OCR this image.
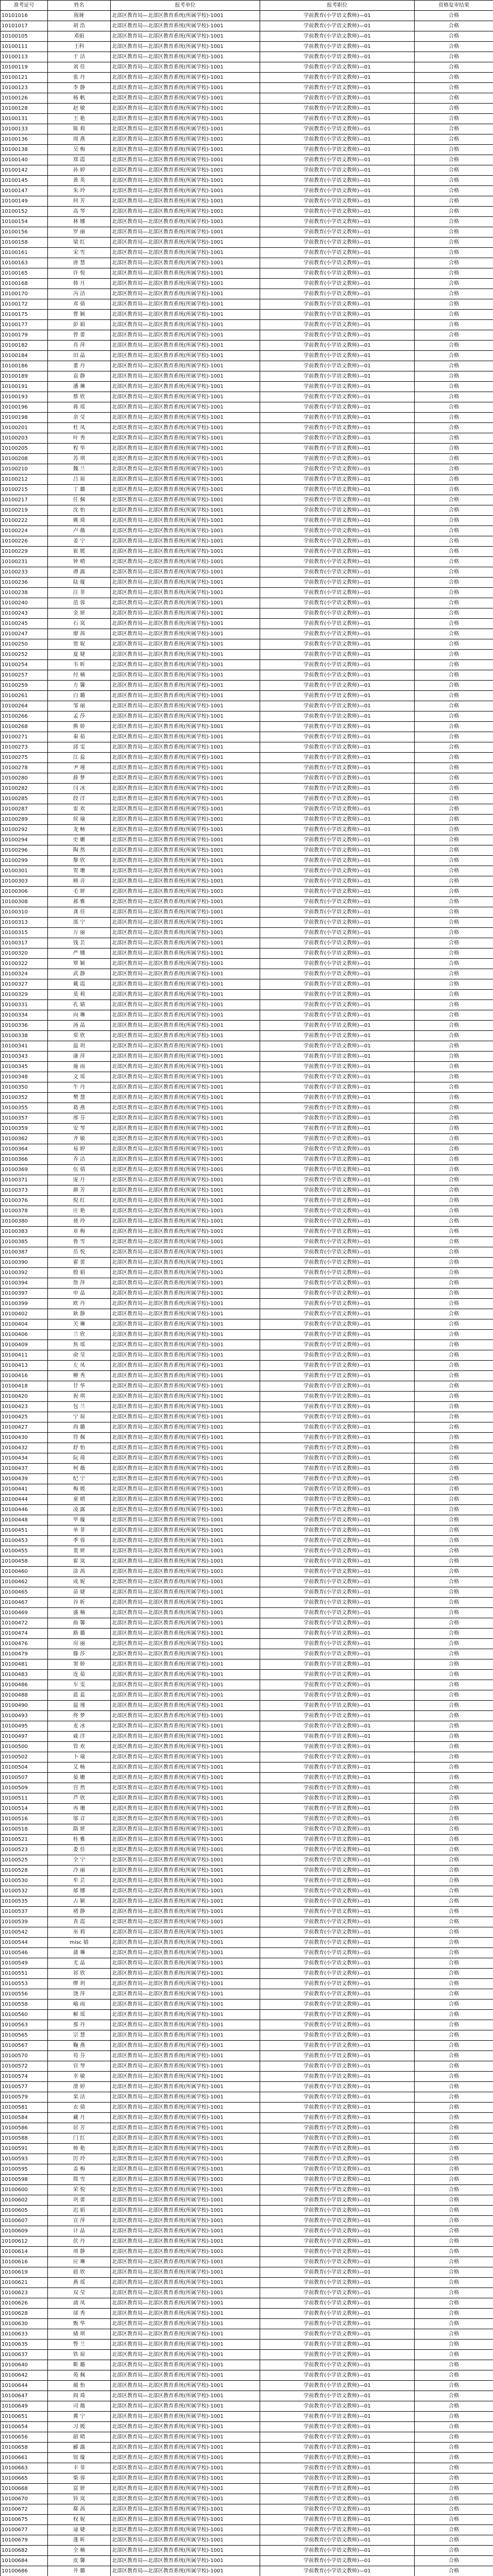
准考证号	姓名	报考单位	报考职位	资格复审结果
10101016	陈娅	北部区教育局—北部区教育系统(所属学校)-1001	学前教育(小学语文教师)—01	合格
10101017	胡 浩	北部区教育局—北部区教育系统(所属学校)-1001	学前教育(小学语文教师)—01	合格
10100105	邓娟	北部区教育局—北部区教育系统(所属学校)-1001	学前教育(小学语文教师)—01	合格
10100111	王科	北部区教育局—北部区教育系统(所属学校)-1001	学前教育(小学语文教师)—01	合格
10100113	于 洁	北部区教育局—北部区教育系统(所属学校)-1001	学前教育(小学语文教师)—01	合格
10100119	刘 佳	北部区教育局—北部区教育系统(所属学校)-1001	学前教育(小学语文教师)—01	合格
10100121	张 丹	北部区教育局—北部区教育系统(所属学校)-1001	学前教育(小学语文教师)—01	合格
10100123	李 静	北部区教育局—北部区教育系统(所属学校)-1001	学前教育(小学语文教师)—01	合格
10100126	杨 帆	北部区教育局—北部区教育系统(所属学校)-1001	学前教育(小学语文教师)—01	合格
10100128	赵 敏	北部区教育局—北部区教育系统(所属学校)-1001	学前教育(小学语文教师)—01	合格
10100131	王 艳	北部区教育局—北部区教育系统(所属学校)-1001	学前教育(小学语文教师)—01	合格
10100133	陈 莉	北部区教育局—北部区教育系统(所属学校)-1001	学前教育(小学语文教师)—01	合格
10100136	周 燕	北部区教育局—北部区教育系统(所属学校)-1001	学前教育(小学语文教师)—01	合格
10100138	吴 梅	北部区教育局—北部区教育系统(所属学校)-1001	学前教育(小学语文教师)—01	合格
10100140	郑 霞	北部区教育局—北部区教育系统(所属学校)-1001	学前教育(小学语文教师)—01	合格
10100142	孙 婷	北部区教育局—北部区教育系统(所属学校)-1001	学前教育(小学语文教师)—01	合格
10100145	黄 英	北部区教育局—北部区教育系统(所属学校)-1001	学前教育(小学语文教师)—01	合格
10100147	朱 玲	北部区教育局—北部区教育系统(所属学校)-1001	学前教育(小学语文教师)—01	合格
10100149	何 芳	北部区教育局—北部区教育系统(所属学校)-1001	学前教育(小学语文教师)—01	合格
10100152	高 琴	北部区教育局—北部区教育系统(所属学校)-1001	学前教育(小学语文教师)—01	合格
10100154	林 娜	北部区教育局—北部区教育系统(所属学校)-1001	学前教育(小学语文教师)—01	合格
10100156	罗 丽	北部区教育局—北部区教育系统(所属学校)-1001	学前教育(小学语文教师)—01	合格
10100158	梁 红	北部区教育局—北部区教育系统(所属学校)-1001	学前教育(小学语文教师)—01	合格
10100161	宋 雪	北部区教育局—北部区教育系统(所属学校)-1001	学前教育(小学语文教师)—01	合格
10100163	唐 慧	北部区教育局—北部区教育系统(所属学校)-1001	学前教育(小学语文教师)—01	合格
10100165	许 悦	北部区教育局—北部区教育系统(所属学校)-1001	学前教育(小学语文教师)—01	合格
10100168	韩 月	北部区教育局—北部区教育系统(所属学校)-1001	学前教育(小学语文教师)—01	合格
10100170	冯 洁	北部区教育局—北部区教育系统(所属学校)-1001	学前教育(小学语文教师)—01	合格
10100172	邓 倩	北部区教育局—北部区教育系统(所属学校)-1001	学前教育(小学语文教师)—01	合格
10100175	曹 颖	北部区教育局—北部区教育系统(所属学校)-1001	学前教育(小学语文教师)—01	合格
10100177	彭 娟	北部区教育局—北部区教育系统(所属学校)-1001	学前教育(小学语文教师)—01	合格
10100179	曾 蕾	北部区教育局—北部区教育系统(所属学校)-1001	学前教育(小学语文教师)—01	合格
10100182	肖 萍	北部区教育局—北部区教育系统(所属学校)-1001	学前教育(小学语文教师)—01	合格
10100184	田 晶	北部区教育局—北部区教育系统(所属学校)-1001	学前教育(小学语文教师)—01	合格
10100186	董 丹	北部区教育局—北部区教育系统(所属学校)-1001	学前教育(小学语文教师)—01	合格
10100189	袁 静	北部区教育局—北部区教育系统(所属学校)-1001	学前教育(小学语文教师)—01	合格
10100191	潘 琳	北部区教育局—北部区教育系统(所属学校)-1001	学前教育(小学语文教师)—01	合格
10100193	蔡 欣	北部区教育局—北部区教育系统(所属学校)-1001	学前教育(小学语文教师)—01	合格
10100196	蒋 瑶	北部区教育局—北部区教育系统(所属学校)-1001	学前教育(小学语文教师)—01	合格
10100198	余 莹	北部区教育局—北部区教育系统(所属学校)-1001	学前教育(小学语文教师)—01	合格
10100201	杜 凤	北部区教育局—北部区教育系统(所属学校)-1001	学前教育(小学语文教师)—01	合格
10100203	叶 秀	北部区教育局—北部区教育系统(所属学校)-1001	学前教育(小学语文教师)—01	合格
10100205	程 华	北部区教育局—北部区教育系统(所属学校)-1001	学前教育(小学语文教师)—01	合格
10100208	苏 琪	北部区教育局—北部区教育系统(所属学校)-1001	学前教育(小学语文教师)—01	合格
10100210	魏 兰	北部区教育局—北部区教育系统(所属学校)-1001	学前教育(小学语文教师)—01	合格
10100212	吕 琼	北部区教育局—北部区教育系统(所属学校)-1001	学前教育(小学语文教师)—01	合格
10100215	丁 璐	北部区教育局—北部区教育系统(所属学校)-1001	学前教育(小学语文教师)—01	合格
10100217	任 佩	北部区教育局—北部区教育系统(所属学校)-1001	学前教育(小学语文教师)—01	合格
10100219	沈 怡	北部区教育局—北部区教育系统(所属学校)-1001	学前教育(小学语文教师)—01	合格
10100222	姚 琦	北部区教育局—北部区教育系统(所属学校)-1001	学前教育(小学语文教师)—01	合格
10100224	卢 薇	北部区教育局—北部区教育系统(所属学校)-1001	学前教育(小学语文教师)—01	合格
10100226	姜 宁	北部区教育局—北部区教育系统(所属学校)-1001	学前教育(小学语文教师)—01	合格
10100229	崔 媛	北部区教育局—北部区教育系统(所属学校)-1001	学前教育(小学语文教师)—01	合格
10100231	钟 晴	北部区教育局—北部区教育系统(所属学校)-1001	学前教育(小学语文教师)—01	合格
10100233	谭 露	北部区教育局—北部区教育系统(所属学校)-1001	学前教育(小学语文教师)—01	合格
10100236	陆 璇	北部区教育局—北部区教育系统(所属学校)-1001	学前教育(小学语文教师)—01	合格
10100238	汪 菲	北部区教育局—北部区教育系统(所属学校)-1001	学前教育(小学语文教师)—01	合格
10100240	范 蓉	北部区教育局—北部区教育系统(所属学校)-1001	学前教育(小学语文教师)—01	合格
10100243	金 妍	北部区教育局—北部区教育系统(所属学校)-1001	学前教育(小学语文教师)—01	合格
10100245	石 岚	北部区教育局—北部区教育系统(所属学校)-1001	学前教育(小学语文教师)—01	合格
10100247	廖 茜	北部区教育局—北部区教育系统(所属学校)-1001	学前教育(小学语文教师)—01	合格
10100250	贾 妮	北部区教育局—北部区教育系统(所属学校)-1001	学前教育(小学语文教师)—01	合格
10100252	夏 婕	北部区教育局—北部区教育系统(所属学校)-1001	学前教育(小学语文教师)—01	合格
10100254	韦 昕	北部区教育局—北部区教育系统(所属学校)-1001	学前教育(小学语文教师)—01	合格
10100257	付 楠	北部区教育局—北部区教育系统(所属学校)-1001	学前教育(小学语文教师)—01	合格
10100259	方 馨	北部区教育局—北部区教育系统(所属学校)-1001	学前教育(小学语文教师)—01	合格
10100261	白 璐	北部区教育局—北部区教育系统(所属学校)-1001	学前教育(小学语文教师)—01	合格
10100264	邹 丽	北部区教育局—北部区教育系统(所属学校)-1001	学前教育(小学语文教师)—01	合格
10100266	孟 莎	北部区教育局—北部区教育系统(所属学校)-1001	学前教育(小学语文教师)—01	合格
10100268	熊 娇	北部区教育局—北部区教育系统(所属学校)-1001	学前教育(小学语文教师)—01	合格
10100271	秦 茹	北部区教育局—北部区教育系统(所属学校)-1001	学前教育(小学语文教师)—01	合格
10100273	邱 雯	北部区教育局—北部区教育系统(所属学校)-1001	学前教育(小学语文教师)—01	合格
10100275	江 蕊	北部区教育局—北部区教育系统(所属学校)-1001	学前教育(小学语文教师)—01	合格
10100278	尹 瑾	北部区教育局—北部区教育系统(所属学校)-1001	学前教育(小学语文教师)—01	合格
10100280	薛 梦	北部区教育局—北部区教育系统(所属学校)-1001	学前教育(小学语文教师)—01	合格
10100282	闫 冰	北部区教育局—北部区教育系统(所属学校)-1001	学前教育(小学语文教师)—01	合格
10100285	段 洋	北部区教育局—北部区教育系统(所属学校)-1001	学前教育(小学语文教师)—01	合格
10100287	雷 欢	北部区教育局—北部区教育系统(所属学校)-1001	学前教育(小学语文教师)—01	合格
10100289	侯 瑜	北部区教育局—北部区教育系统(所属学校)-1001	学前教育(小学语文教师)—01	合格
10100292	龙 畅	北部区教育局—北部区教育系统(所属学校)-1001	学前教育(小学语文教师)—01	合格
10100294	史 姗	北部区教育局—北部区教育系统(所属学校)-1001	学前教育(小学语文教师)—01	合格
10100296	陶 然	北部区教育局—北部区教育系统(所属学校)-1001	学前教育(小学语文教师)—01	合格
10100299	黎 欣	北部区教育局—北部区教育系统(所属学校)-1001	学前教育(小学语文教师)—01	合格
10100301	贺 珊	北部区教育局—北部区教育系统(所属学校)-1001	学前教育(小学语文教师)—01	合格
10100303	顾 音	北部区教育局—北部区教育系统(所属学校)-1001	学前教育(小学语文教师)—01	合格
10100306	毛 妍	北部区教育局—北部区教育系统(所属学校)-1001	学前教育(小学语文教师)—01	合格
10100308	郝 雅	北部区教育局—北部区教育系统(所属学校)-1001	学前教育(小学语文教师)—01	合格
10100310	龚 佳	北部区教育局—北部区教育系统(所属学校)-1001	学前教育(小学语文教师)—01	合格
10100313	邵 宁	北部区教育局—北部区教育系统(所属学校)-1001	学前教育(小学语文教师)—01	合格
10100315	万 丽	北部区教育局—北部区教育系统(所属学校)-1001	学前教育(小学语文教师)—01	合格
10100317	钱 芸	北部区教育局—北部区教育系统(所属学校)-1001	学前教育(小学语文教师)—01	合格
10100320	严 娜	北部区教育局—北部区教育系统(所属学校)-1001	学前教育(小学语文教师)—01	合格
10100322	覃 颖	北部区教育局—北部区教育系统(所属学校)-1001	学前教育(小学语文教师)—01	合格
10100324	武 静	北部区教育局—北部区教育系统(所属学校)-1001	学前教育(小学语文教师)—01	合格
10100327	戴 霞	北部区教育局—北部区教育系统(所属学校)-1001	学前教育(小学语文教师)—01	合格
10100329	莫 莉	北部区教育局—北部区教育系统(所属学校)-1001	学前教育(小学语文教师)—01	合格
10100331	孔 婧	北部区教育局—北部区教育系统(所属学校)-1001	学前教育(小学语文教师)—01	合格
10100334	向 琳	北部区教育局—北部区教育系统(所属学校)-1001	学前教育(小学语文教师)—01	合格
10100336	汤 晶	北部区教育局—北部区教育系统(所属学校)-1001	学前教育(小学语文教师)—01	合格
10100338	常 欣	北部区教育局—北部区教育系统(所属学校)-1001	学前教育(小学语文教师)—01	合格
10100341	温 玥	北部区教育局—北部区教育系统(所属学校)-1001	学前教育(小学语文教师)—01	合格
10100343	康 萍	北部区教育局—北部区教育系统(所属学校)-1001	学前教育(小学语文教师)—01	合格
10100345	施 雨	北部区教育局—北部区教育系统(所属学校)-1001	学前教育(小学语文教师)—01	合格
10100348	文 瑶	北部区教育局—北部区教育系统(所属学校)-1001	学前教育(小学语文教师)—01	合格
10100350	牛 丹	北部区教育局—北部区教育系统(所属学校)-1001	学前教育(小学语文教师)—01	合格
10100352	樊 慧	北部区教育局—北部区教育系统(所属学校)-1001	学前教育(小学语文教师)—01	合格
10100355	葛 燕	北部区教育局—北部区教育系统(所属学校)-1001	学前教育(小学语文教师)—01	合格
10100357	邢 芬	北部区教育局—北部区教育系统(所属学校)-1001	学前教育(小学语文教师)—01	合格
10100359	安 琴	北部区教育局—北部区教育系统(所属学校)-1001	学前教育(小学语文教师)—01	合格
10100362	齐 敏	北部区教育局—北部区教育系统(所属学校)-1001	学前教育(小学语文教师)—01	合格
10100364	易 婷	北部区教育局—北部区教育系统(所属学校)-1001	学前教育(小学语文教师)—01	合格
10100366	乔 洁	北部区教育局—北部区教育系统(所属学校)-1001	学前教育(小学语文教师)—01	合格
10100369	伍 倩	北部区教育局—北部区教育系统(所属学校)-1001	学前教育(小学语文教师)—01	合格
10100371	庞 月	北部区教育局—北部区教育系统(所属学校)-1001	学前教育(小学语文教师)—01	合格
10100373	颜 芳	北部区教育局—北部区教育系统(所属学校)-1001	学前教育(小学语文教师)—01	合格
10100376	倪 红	北部区教育局—北部区教育系统(所属学校)-1001	学前教育(小学语文教师)—01	合格
10100378	庄 艳	北部区教育局—北部区教育系统(所属学校)-1001	学前教育(小学语文教师)—01	合格
10100380	聂 玲	北部区教育局—北部区教育系统(所属学校)-1001	学前教育(小学语文教师)—01	合格
10100383	章 梅	北部区教育局—北部区教育系统(所属学校)-1001	学前教育(小学语文教师)—01	合格
10100385	鲁 雪	北部区教育局—北部区教育系统(所属学校)-1001	学前教育(小学语文教师)—01	合格
10100387	岳 悦	北部区教育局—北部区教育系统(所属学校)-1001	学前教育(小学语文教师)—01	合格
10100390	翟 蕾	北部区教育局—北部区教育系统(所属学校)-1001	学前教育(小学语文教师)—01	合格
10100392	殷 娟	北部区教育局—北部区教育系统(所属学校)-1001	学前教育(小学语文教师)—01	合格
10100394	詹 萍	北部区教育局—北部区教育系统(所属学校)-1001	学前教育(小学语文教师)—01	合格
10100397	申 晶	北部区教育局—北部区教育系统(所属学校)-1001	学前教育(小学语文教师)—01	合格
10100399	欧 丹	北部区教育局—北部区教育系统(所属学校)-1001	学前教育(小学语文教师)—01	合格
10100402	耿 静	北部区教育局—北部区教育系统(所属学校)-1001	学前教育(小学语文教师)—01	合格
10100404	关 琳	北部区教育局—北部区教育系统(所属学校)-1001	学前教育(小学语文教师)—01	合格
10100406	兰 欣	北部区教育局—北部区教育系统(所属学校)-1001	学前教育(小学语文教师)—01	合格
10100409	焦 瑶	北部区教育局—北部区教育系统(所属学校)-1001	学前教育(小学语文教师)—01	合格
10100411	俞 莹	北部区教育局—北部区教育系统(所属学校)-1001	学前教育(小学语文教师)—01	合格
10100413	左 凤	北部区教育局—北部区教育系统(所属学校)-1001	学前教育(小学语文教师)—01	合格
10100416	柳 秀	北部区教育局—北部区教育系统(所属学校)-1001	学前教育(小学语文教师)—01	合格
10100418	甘 华	北部区教育局—北部区教育系统(所属学校)-1001	学前教育(小学语文教师)—01	合格
10100420	祝 琪	北部区教育局—北部区教育系统(所属学校)-1001	学前教育(小学语文教师)—01	合格
10100423	包 兰	北部区教育局—北部区教育系统(所属学校)-1001	学前教育(小学语文教师)—01	合格
10100425	宁 琼	北部区教育局—北部区教育系统(所属学校)-1001	学前教育(小学语文教师)—01	合格
10100427	尚 璐	北部区教育局—北部区教育系统(所属学校)-1001	学前教育(小学语文教师)—01	合格
10100430	符 佩	北部区教育局—北部区教育系统(所属学校)-1001	学前教育(小学语文教师)—01	合格
10100432	舒 怡	北部区教育局—北部区教育系统(所属学校)-1001	学前教育(小学语文教师)—01	合格
10100434	阮 琦	北部区教育局—北部区教育系统(所属学校)-1001	学前教育(小学语文教师)—01	合格
10100437	柯 薇	北部区教育局—北部区教育系统(所属学校)-1001	学前教育(小学语文教师)—01	合格
10100439	纪 宁	北部区教育局—北部区教育系统(所属学校)-1001	学前教育(小学语文教师)—01	合格
10100441	梅 媛	北部区教育局—北部区教育系统(所属学校)-1001	学前教育(小学语文教师)—01	合格
10100444	童 晴	北部区教育局—北部区教育系统(所属学校)-1001	学前教育(小学语文教师)—01	合格
10100446	凌 露	北部区教育局—北部区教育系统(所属学校)-1001	学前教育(小学语文教师)—01	合格
10100448	毕 璇	北部区教育局—北部区教育系统(所属学校)-1001	学前教育(小学语文教师)—01	合格
10100451	单 菲	北部区教育局—北部区教育系统(所属学校)-1001	学前教育(小学语文教师)—01	合格
10100453	季 蓉	北部区教育局—北部区教育系统(所属学校)-1001	学前教育(小学语文教师)—01	合格
10100455	裴 妍	北部区教育局—北部区教育系统(所属学校)-1001	学前教育(小学语文教师)—01	合格
10100458	霍 岚	北部区教育局—北部区教育系统(所属学校)-1001	学前教育(小学语文教师)—01	合格
10100460	涂 茜	北部区教育局—北部区教育系统(所属学校)-1001	学前教育(小学语文教师)—01	合格
10100462	成 妮	北部区教育局—北部区教育系统(所属学校)-1001	学前教育(小学语文教师)—01	合格
10100465	苗 婕	北部区教育局—北部区教育系统(所属学校)-1001	学前教育(小学语文教师)—01	合格
10100467	谷 昕	北部区教育局—北部区教育系统(所属学校)-1001	学前教育(小学语文教师)—01	合格
10100469	盛 楠	北部区教育局—北部区教育系统(所属学校)-1001	学前教育(小学语文教师)—01	合格
10100472	曲 馨	北部区教育局—北部区教育系统(所属学校)-1001	学前教育(小学语文教师)—01	合格
10100474	路 璐	北部区教育局—北部区教育系统(所属学校)-1001	学前教育(小学语文教师)—01	合格
10100476	房 丽	北部区教育局—北部区教育系统(所属学校)-1001	学前教育(小学语文教师)—01	合格
10100479	滕 莎	北部区教育局—北部区教育系统(所属学校)-1001	学前教育(小学语文教师)—01	合格
10100481	窦 娇	北部区教育局—北部区教育系统(所属学校)-1001	学前教育(小学语文教师)—01	合格
10100483	连 茹	北部区教育局—北部区教育系统(所属学校)-1001	学前教育(小学语文教师)—01	合格
10100486	车 雯	北部区教育局—北部区教育系统(所属学校)-1001	学前教育(小学语文教师)—01	合格
10100488	蓝 蕊	北部区教育局—北部区教育系统(所属学校)-1001	学前教育(小学语文教师)—01	合格
10100490	温 瑾	北部区教育局—北部区教育系统(所属学校)-1001	学前教育(小学语文教师)—01	合格
10100493	佟 梦	北部区教育局—北部区教育系统(所属学校)-1001	学前教育(小学语文教师)—01	合格
10100495	麦 冰	北部区教育局—北部区教育系统(所属学校)-1001	学前教育(小学语文教师)—01	合格
10100497	戚 洋	北部区教育局—北部区教育系统(所属学校)-1001	学前教育(小学语文教师)—01	合格
10100500	管 欢	北部区教育局—北部区教育系统(所属学校)-1001	学前教育(小学语文教师)—01	合格
10100502	卜 瑜	北部区教育局—北部区教育系统(所属学校)-1001	学前教育(小学语文教师)—01	合格
10100504	艾 畅	北部区教育局—北部区教育系统(所属学校)-1001	学前教育(小学语文教师)—01	合格
10100507	晏 姗	北部区教育局—北部区教育系统(所属学校)-1001	学前教育(小学语文教师)—01	合格
10100509	宫 然	北部区教育局—北部区教育系统(所属学校)-1001	学前教育(小学语文教师)—01	合格
10100511	芦 欣	北部区教育局—北部区教育系统(所属学校)-1001	学前教育(小学语文教师)—01	合格
10100514	冉 珊	北部区教育局—北部区教育系统(所属学校)-1001	学前教育(小学语文教师)—01	合格
10100516	邬 音	北部区教育局—北部区教育系统(所属学校)-1001	学前教育(小学语文教师)—01	合格
10100518	隋 妍	北部区教育局—北部区教育系统(所属学校)-1001	学前教育(小学语文教师)—01	合格
10100521	桂 雅	北部区教育局—北部区教育系统(所属学校)-1001	学前教育(小学语文教师)—01	合格
10100523	娄 佳	北部区教育局—北部区教育系统(所属学校)-1001	学前教育(小学语文教师)—01	合格
10100525	全 宁	北部区教育局—北部区教育系统(所属学校)-1001	学前教育(小学语文教师)—01	合格
10100528	冷 丽	北部区教育局—北部区教育系统(所属学校)-1001	学前教育(小学语文教师)—01	合格
10100530	牟 芸	北部区教育局—北部区教育系统(所属学校)-1001	学前教育(小学语文教师)—01	合格
10100532	郁 娜	北部区教育局—北部区教育系统(所属学校)-1001	学前教育(小学语文教师)—01	合格
10100535	占 颖	北部区教育局—北部区教育系统(所属学校)-1001	学前教育(小学语文教师)—01	合格
10100537	褚 静	北部区教育局—北部区教育系统(所属学校)-1001	学前教育(小学语文教师)—01	合格
10100539	查 霞	北部区教育局—北部区教育系统(所属学校)-1001	学前教育(小学语文教师)—01	合格
10100542	巫 莉	北部区教育局—北部区教育系统(所属学校)-1001	学前教育(小学语文教师)—01	合格
10100544	misc 婧	北部区教育局—北部区教育系统(所属学校)-1001	学前教育(小学语文教师)—01	合格
10100546	蒲 琳	北部区教育局—北部区教育系统(所属学校)-1001	学前教育(小学语文教师)—01	合格
10100549	尤 晶	北部区教育局—北部区教育系统(所属学校)-1001	学前教育(小学语文教师)—01	合格
10100551	祁 欣	北部区教育局—北部区教育系统(所属学校)-1001	学前教育(小学语文教师)—01	合格
10100553	缪 玥	北部区教育局—北部区教育系统(所属学校)-1001	学前教育(小学语文教师)—01	合格
10100556	饶 萍	北部区教育局—北部区教育系统(所属学校)-1001	学前教育(小学语文教师)—01	合格
10100558	喻 雨	北部区教育局—北部区教育系统(所属学校)-1001	学前教育(小学语文教师)—01	合格
10100560	解 瑶	北部区教育局—北部区教育系统(所属学校)-1001	学前教育(小学语文教师)—01	合格
10100563	那 丹	北部区教育局—北部区教育系统(所属学校)-1001	学前教育(小学语文教师)—01	合格
10100565	宗 慧	北部区教育局—北部区教育系统(所属学校)-1001	学前教育(小学语文教师)—01	合格
10100567	鞠 燕	北部区教育局—北部区教育系统(所属学校)-1001	学前教育(小学语文教师)—01	合格
10100570	苟 芬	北部区教育局—北部区教育系统(所属学校)-1001	学前教育(小学语文教师)—01	合格
10100572	官 琴	北部区教育局—北部区教育系统(所属学校)-1001	学前教育(小学语文教师)—01	合格
10100574	幸 敏	北部区教育局—北部区教育系统(所属学校)-1001	学前教育(小学语文教师)—01	合格
10100577	滑 婷	北部区教育局—北部区教育系统(所属学校)-1001	学前教育(小学语文教师)—01	合格
10100579	栾 洁	北部区教育局—北部区教育系统(所属学校)-1001	学前教育(小学语文教师)—01	合格
10100581	衣 倩	北部区教育局—北部区教育系统(所属学校)-1001	学前教育(小学语文教师)—01	合格
10100584	藏 月	北部区教育局—北部区教育系统(所属学校)-1001	学前教育(小学语文教师)—01	合格
10100586	居 芳	北部区教育局—北部区教育系统(所属学校)-1001	学前教育(小学语文教师)—01	合格
10100588	门 红	北部区教育局—北部区教育系统(所属学校)-1001	学前教育(小学语文教师)—01	合格
10100591	帅 艳	北部区教育局—北部区教育系统(所属学校)-1001	学前教育(小学语文教师)—01	合格
10100593	厉 玲	北部区教育局—北部区教育系统(所属学校)-1001	学前教育(小学语文教师)—01	合格
10100595	盖 梅	北部区教育局—北部区教育系统(所属学校)-1001	学前教育(小学语文教师)—01	合格
10100598	简 雪	北部区教育局—北部区教育系统(所属学校)-1001	学前教育(小学语文教师)—01	合格
10100600	荣 悦	北部区教育局—北部区教育系统(所属学校)-1001	学前教育(小学语文教师)—01	合格
10100602	巩 蕾	北部区教育局—北部区教育系统(所属学校)-1001	学前教育(小学语文教师)—01	合格
10100605	迟 娟	北部区教育局—北部区教育系统(所属学校)-1001	学前教育(小学语文教师)—01	合格
10100607	宣 萍	北部区教育局—北部区教育系统(所属学校)-1001	学前教育(小学语文教师)—01	合格
10100609	计 晶	北部区教育局—北部区教育系统(所属学校)-1001	学前教育(小学语文教师)—01	合格
10100612	伏 丹	北部区教育局—北部区教育系统(所属学校)-1001	学前教育(小学语文教师)—01	合格
10100614	项 静	北部区教育局—北部区教育系统(所属学校)-1001	学前教育(小学语文教师)—01	合格
10100616	应 琳	北部区教育局—北部区教育系统(所属学校)-1001	学前教育(小学语文教师)—01	合格
10100619	扈 欣	北部区教育局—北部区教育系统(所属学校)-1001	学前教育(小学语文教师)—01	合格
10100621	燕 瑶	北部区教育局—北部区教育系统(所属学校)-1001	学前教育(小学语文教师)—01	合格
10100623	双 莹	北部区教育局—北部区教育系统(所属学校)-1001	学前教育(小学语文教师)—01	合格
10100626	浦 凤	北部区教育局—北部区教育系统(所属学校)-1001	学前教育(小学语文教师)—01	合格
10100628	邰 秀	北部区教育局—北部区教育系统(所属学校)-1001	学前教育(小学语文教师)—01	合格
10100630	甄 华	北部区教育局—北部区教育系统(所属学校)-1001	学前教育(小学语文教师)—01	合格
10100633	储 琪	北部区教育局—北部区教育系统(所属学校)-1001	学前教育(小学语文教师)—01	合格
10100635	訾 兰	北部区教育局—北部区教育系统(所属学校)-1001	学前教育(小学语文教师)—01	合格
10100637	铁 琼	北部区教育局—北部区教育系统(所属学校)-1001	学前教育(小学语文教师)—01	合格
10100640	靳 璐	北部区教育局—北部区教育系统(所属学校)-1001	学前教育(小学语文教师)—01	合格
10100642	苑 佩	北部区教育局—北部区教育系统(所属学校)-1001	学前教育(小学语文教师)—01	合格
10100644	蔺 怡	北部区教育局—北部区教育系统(所属学校)-1001	学前教育(小学语文教师)—01	合格
10100647	阎 琦	北部区教育局—北部区教育系统(所属学校)-1001	学前教育(小学语文教师)—01	合格
10100649	司 薇	北部区教育局—北部区教育系统(所属学校)-1001	学前教育(小学语文教师)—01	合格
10100651	冀 宁	北部区教育局—北部区教育系统(所属学校)-1001	学前教育(小学语文教师)—01	合格
10100654	习 媛	北部区教育局—北部区教育系统(所属学校)-1001	学前教育(小学语文教师)—01	合格
10100656	韶 晴	北部区教育局—北部区教育系统(所属学校)-1001	学前教育(小学语文教师)—01	合格
10100658	郦 露	北部区教育局—北部区教育系统(所属学校)-1001	学前教育(小学语文教师)—01	合格
10100661	钮 璇	北部区教育局—北部区教育系统(所属学校)-1001	学前教育(小学语文教师)—01	合格
10100663	丰 菲	北部区教育局—北部区教育系统(所属学校)-1001	学前教育(小学语文教师)—01	合格
10100665	柴 蓉	北部区教育局—北部区教育系统(所属学校)-1001	学前教育(小学语文教师)—01	合格
10100668	富 妍	北部区教育局—北部区教育系统(所属学校)-1001	学前教育(小学语文教师)—01	合格
10100670	钭 岚	北部区教育局—北部区教育系统(所属学校)-1001	学前教育(小学语文教师)—01	合格
10100672	郗 茜	北部区教育局—北部区教育系统(所属学校)-1001	学前教育(小学语文教师)—01	合格
10100675	权 妮	北部区教育局—北部区教育系统(所属学校)-1001	学前教育(小学语文教师)—01	合格
10100677	逯 婕	北部区教育局—北部区教育系统(所属学校)-1001	学前教育(小学语文教师)—01	合格
10100679	蓬 昕	北部区教育局—北部区教育系统(所属学校)-1001	学前教育(小学语文教师)—01	合格
10100682	全 楠	北部区教育局—北部区教育系统(所属学校)-1001	学前教育(小学语文教师)—01	合格
10100684	皮 馨	北部区教育局—北部区教育系统(所属学校)-1001	学前教育(小学语文教师)—01	合格
10100686	井 璐	北部区教育局—北部区教育系统(所属学校)-1001	学前教育(小学语文教师)—01	合格
